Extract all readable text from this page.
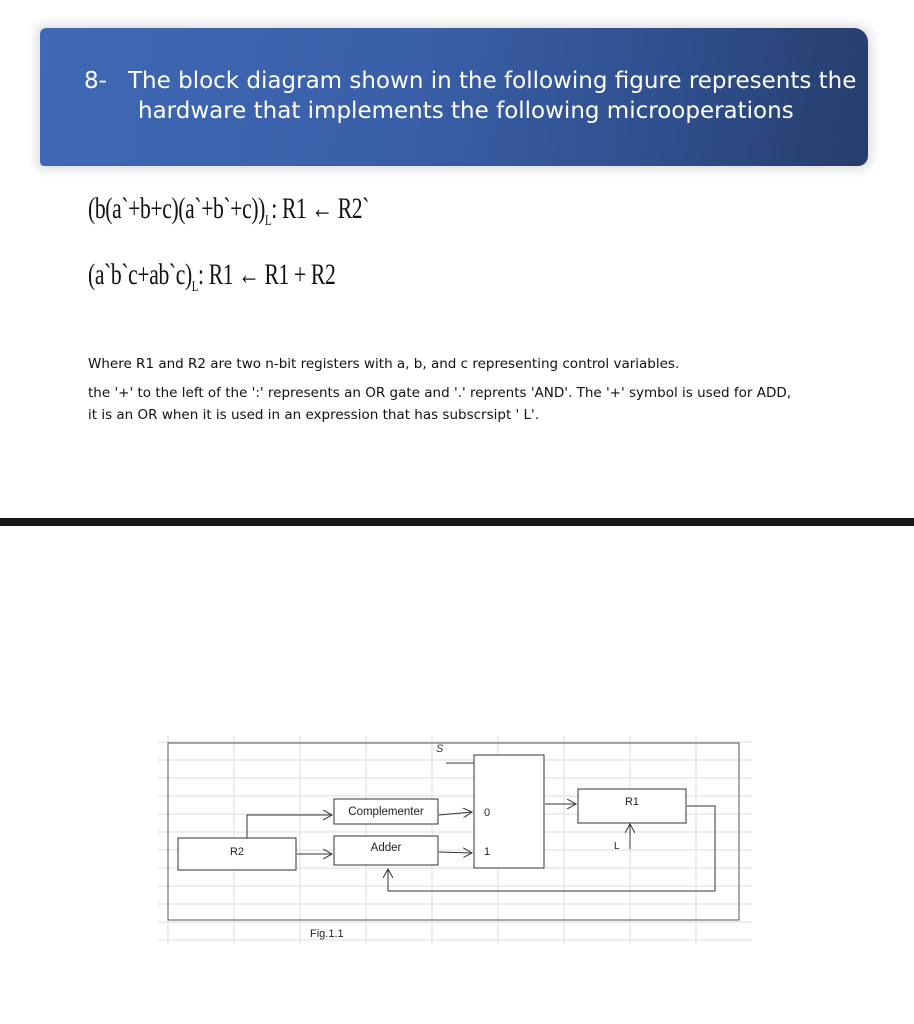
8- The block diagram shown in the following figure represents the
hardware that implements the following microoperations
$(b(a`+b+c)(a`+b`+c))_L$: R1 ← R2`
$(a`b`c+ab`c)_L$: R1 ← R1 + R2
Where R1 and R2 are two n-bit registers with a, b, and c representing control variables.
the '+' to the left of the ':' represents an OR gate and '.' reprents 'AND'. The '+' symbol is used for ADD,
it is an OR when it is used in an expression that has subscrsipt ' L'.
S
0
1
Complementer
Adder
R2
R1
L
Fig.1.1
